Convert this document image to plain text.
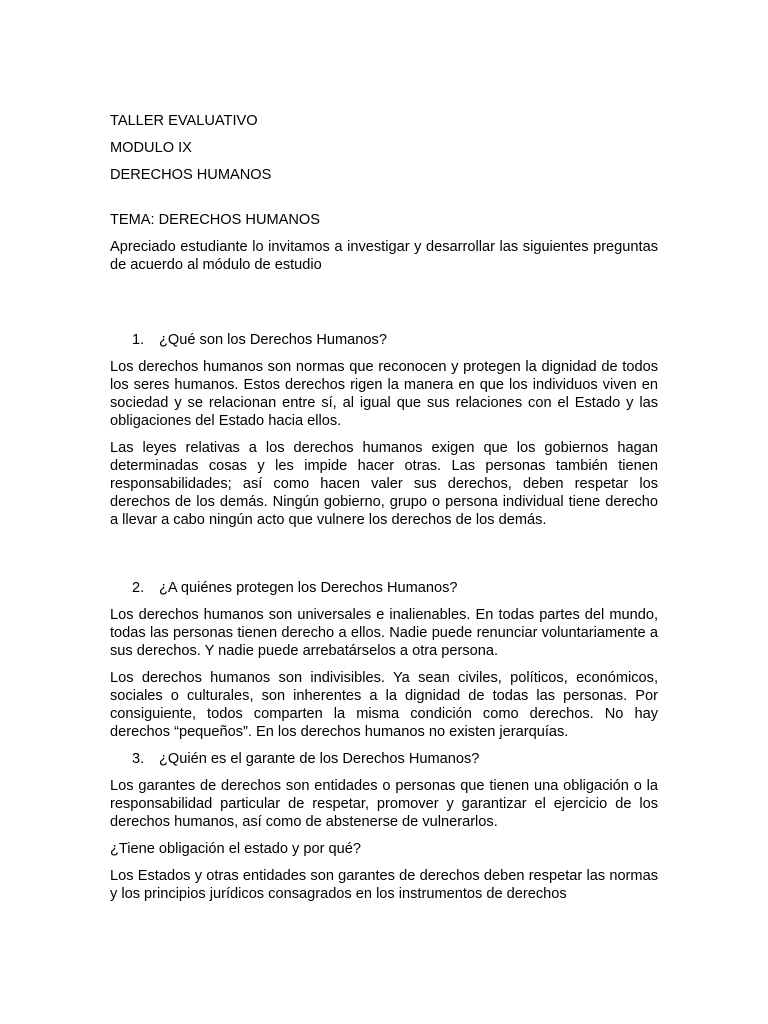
TALLER EVALUATIVO

MODULO IX

DERECHOS HUMANOS

TEMA: DERECHOS HUMANOS

Apreciado estudiante lo invitamos a investigar y desarrollar las siguientes preguntas de acuerdo al módulo de estudio

1.	¿Qué son los Derechos Humanos?

Los derechos humanos son normas que reconocen y protegen la dignidad de todos los seres humanos. Estos derechos rigen la manera en que los individuos viven en sociedad y se relacionan entre sí, al igual que sus relaciones con el Estado y las obligaciones del Estado hacia ellos.

Las leyes relativas a los derechos humanos exigen que los gobiernos hagan determinadas cosas y les impide hacer otras. Las personas también tienen responsabilidades; así como hacen valer sus derechos, deben respetar los derechos de los demás. Ningún gobierno, grupo o persona individual tiene derecho a llevar a cabo ningún acto que vulnere los derechos de los demás.

2.	¿A quiénes protegen los Derechos Humanos?

Los derechos humanos son universales e inalienables. En todas partes del mundo, todas las personas tienen derecho a ellos. Nadie puede renunciar voluntariamente a sus derechos. Y nadie puede arrebatárselos a otra persona.

Los derechos humanos son indivisibles. Ya sean civiles, políticos, económicos, sociales o culturales, son inherentes a la dignidad de todas las personas. Por consiguiente, todos comparten la misma condición como derechos. No hay derechos “pequeños”. En los derechos humanos no existen jerarquías.

3.	¿Quién es el garante de los Derechos Humanos?

Los garantes de derechos son entidades o personas que tienen una obligación o la responsabilidad particular de respetar, promover y garantizar el ejercicio de los derechos humanos, así como de abstenerse de vulnerarlos.

¿Tiene obligación el estado y por qué?

Los Estados y otras entidades son garantes de derechos deben respetar las normas y los principios jurídicos consagrados en los instrumentos de derechos
